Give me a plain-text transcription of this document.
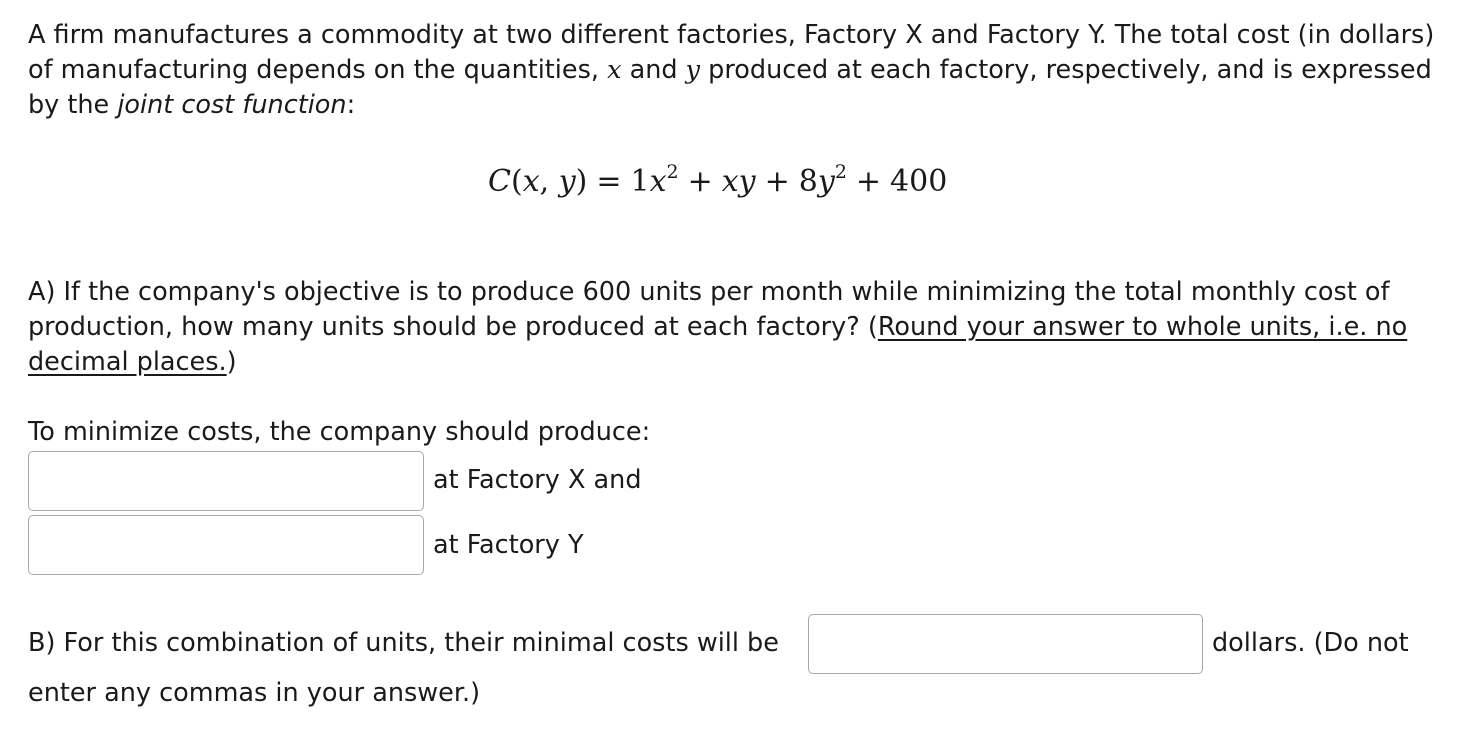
A firm manufactures a commodity at two different factories, Factory X and Factory Y. The total cost (in dollars) of manufacturing depends on the quantities, x and y produced at each factory, respectively, and is expressed by the joint cost function:

C(x, $y) = 1x^2$ + xy + $8y^2 + 400$

A) If the company's objective is to produce 600 units per month while minimizing the total monthly cost of production, how many units should be produced at each factory? (Round your answer to whole units, i.e. no decimal places.)

To minimize costs, the company should produce:
at Factory X and
at Factory Y
B) For this combination of units, their minimal costs will be	dollars. (Do not
enter any commas in your answer.)
